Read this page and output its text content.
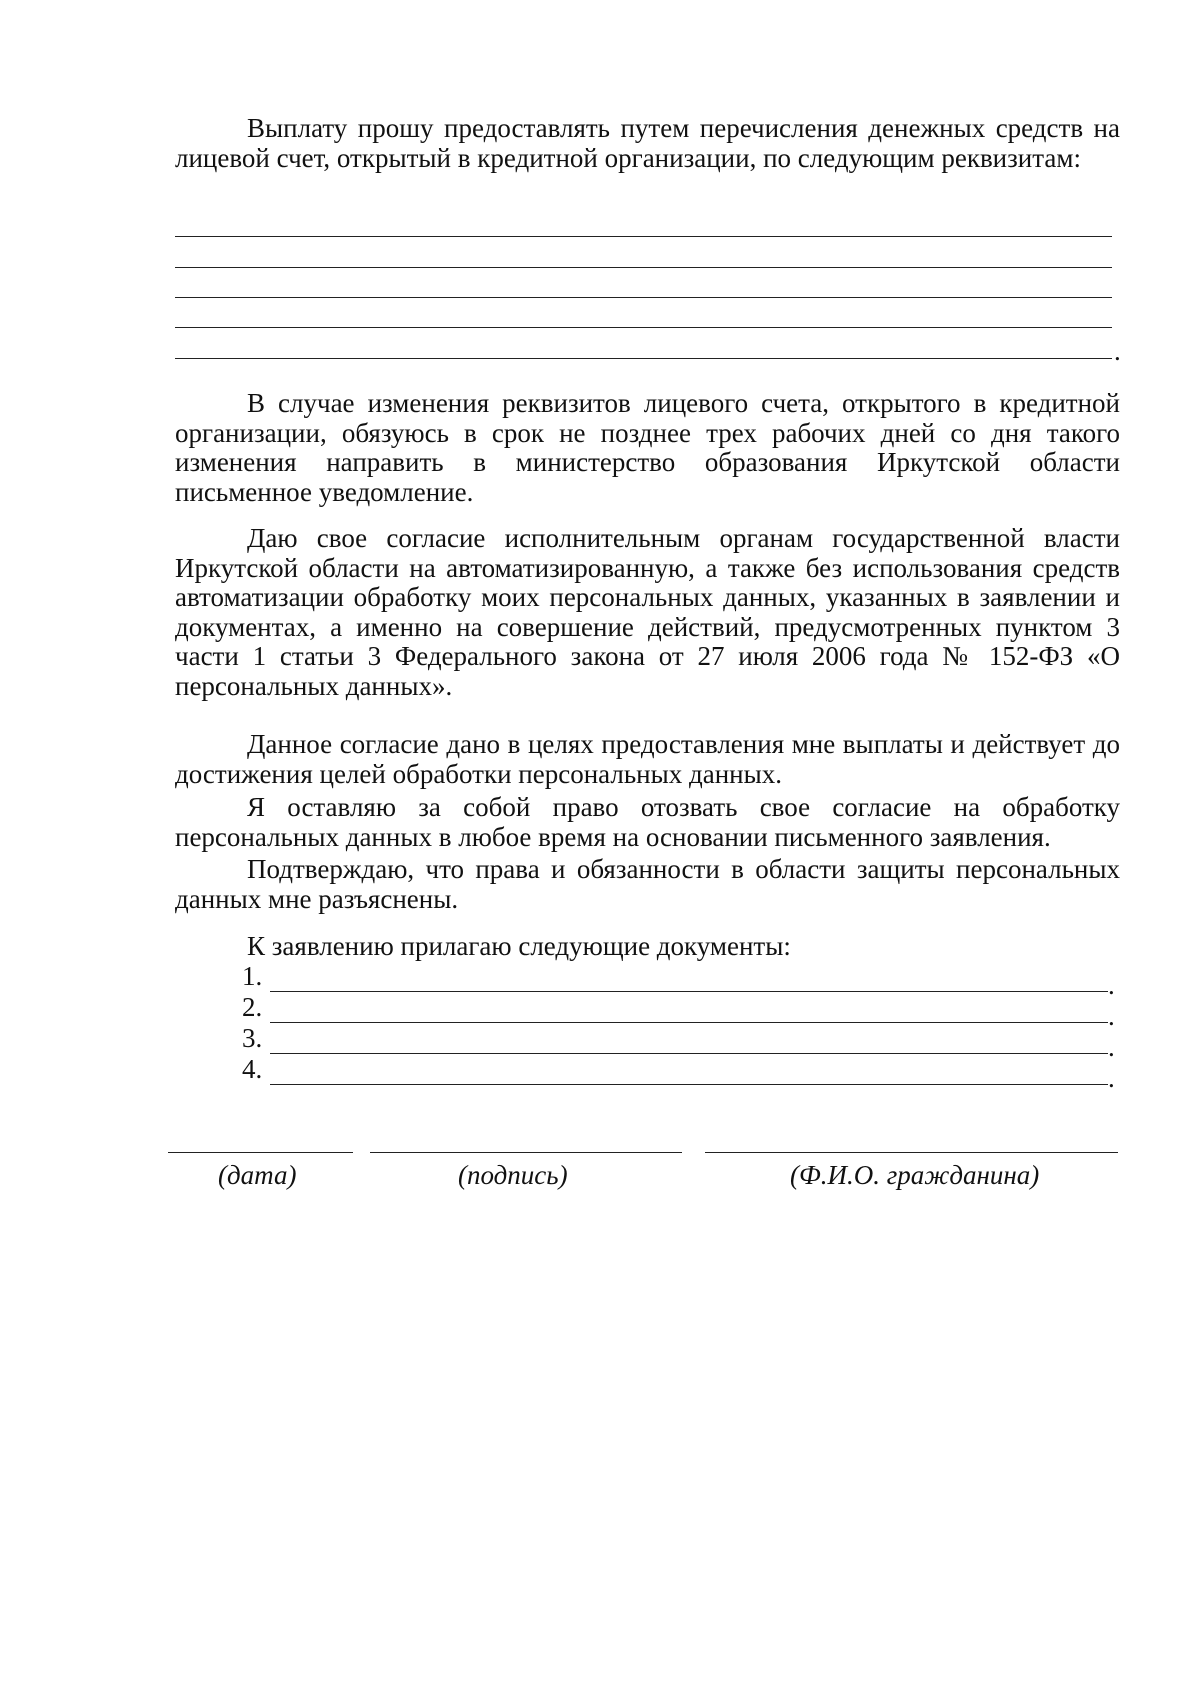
Выплату прошу предоставлять путем перечисления денежных средств на лицевой счет, открытый в кредитной организации, по следующим реквизитам:

.

В случае изменения реквизитов лицевого счета, открытого в кредитной организации, обязуюсь в срок не позднее трех рабочих дней со дня такого изменения направить в министерство образования Иркутской области письменное уведомление.

Даю свое согласие исполнительным органам государственной власти Иркутской области на автоматизированную, а также без использования средств автоматизации обработку моих персональных данных, указанных в заявлении и документах, а именно на совершение действий, предусмотренных пунктом 3 части 1 статьи 3 Федерального закона от 27 июля 2006 года № 152-ФЗ «О персональных данных».

Данное согласие дано в целях предоставления мне выплаты и действует до достижения целей обработки персональных данных.

Я оставляю за собой право отозвать свое согласие на обработку персональных данных в любое время на основании письменного заявления.

Подтверждаю, что права и обязанности в области защиты персональных данных мне разъяснены.

К заявлению прилагаю следующие документы:

1.	.
2.	.
3.	.
4.	.
(дата)	(подпись)	(Ф.И.О. гражданина)
